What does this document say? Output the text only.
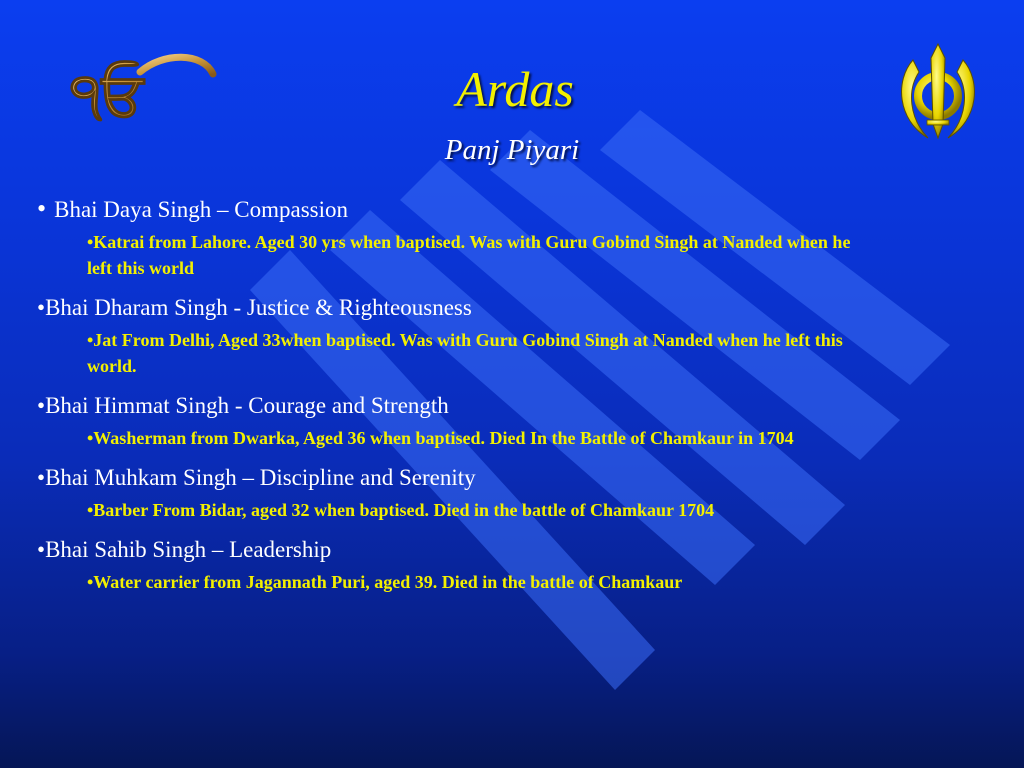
੧ਓ	Ardas
Panj Piyari
• Bhai Daya Singh – Compassion
•Katrai from Lahore. Aged 30 yrs when baptised. Was with Guru Gobind Singh at Nanded when he left this world
•Bhai Dharam Singh - Justice & Righteousness
•Jat From Delhi, Aged 33when baptised. Was with Guru Gobind Singh at Nanded when he left this world.
•Bhai Himmat Singh - Courage and Strength
•Washerman from Dwarka, Aged 36 when baptised. Died In the Battle of Chamkaur in 1704
•Bhai Muhkam Singh – Discipline and Serenity
•Barber From Bidar, aged 32 when baptised. Died in the battle of Chamkaur 1704
•Bhai Sahib Singh – Leadership
•Water carrier from Jagannath Puri, aged 39. Died in the battle of Chamkaur
